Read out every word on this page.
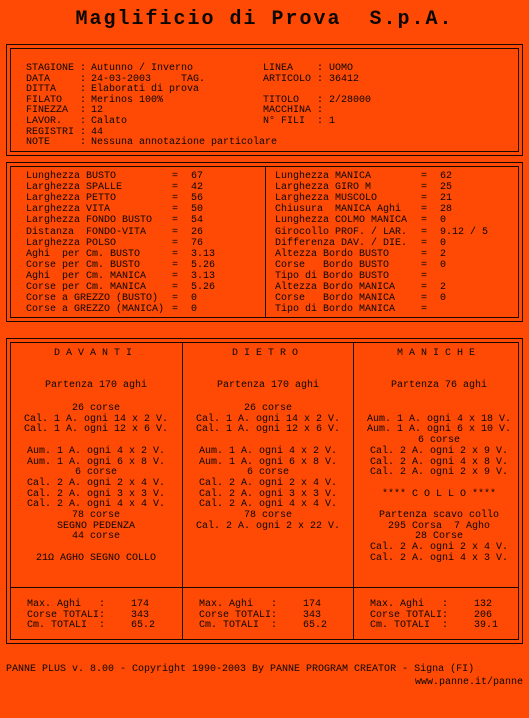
Maglificio di Prova  S.p.A.
STAGIONE : Autunno / Inverno
DATA : 24-03-2003     TAG.
DITTA : Elaborati di prova
FILATO : Merinos 100%
FINEZZA : 12
LAVOR. : Calato
REGISTRI : 44
NOTE : Nessuna annotazione particolare
LINEA : UOMO
ARTICOLO : 36412
TITOLO : 2/28000
MACCHINA :
N° FILI : 1
Lunghezza BUSTO = 67
Larghezza SPALLE = 42
Larghezza PETTO = 56
Larghezza VITA = 50
Larghezza FONDO BUSTO = 54
Distanza  FONDO-VITA = 26
Larghezza POLSO = 76
Aghi  per Cm. BUSTO = 3.13
Corse per Cm. BUSTO = 5.26
Aghi  per Cm. MANICA = 3.13
Corse per Cm. MANICA = 5.26
Corse a GREZZO (BUSTO) = 0
Corse a GREZZO (MANICA) = 0
Lunghezza MANICA = 62
Larghezza GIRO M = 25
Larghezza MUSCOLO = 21
Chiusura  MANICA Aghi = 28
Lunghezza COLMO MANICA = 0
Girocollo PROF. / LAR. = 9.12 / 5
Differenza DAV. / DIE. = 0
Altezza Bordo BUSTO = 2
Corse   Bordo BUSTO = 0
Tipo di Bordo BUSTO =
Altezza Bordo MANICA = 2
Corse   Bordo MANICA = 0
Tipo di Bordo MANICA =
DAVANTI
Partenza 170 aghi
26 corse
Cal. 1 A. ogni 14 x 2 V.
Cal. 1 A. ogni 12 x 6 V.
Aum. 1 A. ogni 4 x 2 V.
Aum. 1 A. ogni 6 x 8 V.
6 corse
Cal. 2 A. ogni 2 x 4 V.
Cal. 2 A. ogni 3 x 3 V.
Cal. 2 A. ogni 4 x 4 V.
78 corse
SEGNO PEDENZA
44 corse
21Ω AGHO SEGNO COLLO
Max. Aghi   :	174
Corse TOTALI:	343
Cm. TOTALI  :	65.2
DIETRO
Partenza 170 aghi
26 corse
Cal. 1 A. ogni 14 x 2 V.
Cal. 1 A. ogni 12 x 6 V.
Aum. 1 A. ogni 4 x 2 V.
Aum. 1 A. ogni 6 x 8 V.
6 corse
Cal. 2 A. ogni 2 x 4 V.
Cal. 2 A. ogni 3 x 3 V.
Cal. 2 A. ogni 4 x 4 V.
78 corse
Cal. 2 A. ogni 2 x 22 V.
Max. Aghi   :	174
Corse TOTALI:	343
Cm. TOTALI  :	65.2
MANICHE
Partenza 76 aghi
Aum. 1 A. ogni 4 x 18 V.
Aum. 1 A. ogni 6 x 10 V.
6 corse
Cal. 2 A. ogni 2 x 9 V.
Cal. 2 A. ogni 4 x 8 V.
Cal. 2 A. ogni 2 x 9 V.
**** C O L L O ****
Partenza scavo collo
295 Corsa  7 Agho
28 Corse
Cal. 2 A. ogni 2 x 4 V.
Cal. 2 A. ogni 4 x 3 V.
Max. Aghi   :	132
Corse TOTALI:	206
Cm. TOTALI  :	39.1
PANNE PLUS v. 8.00 - Copyright 1990-2003 By PANNE PROGRAM CREATOR - Signa (FI)
www.panne.it/panne
